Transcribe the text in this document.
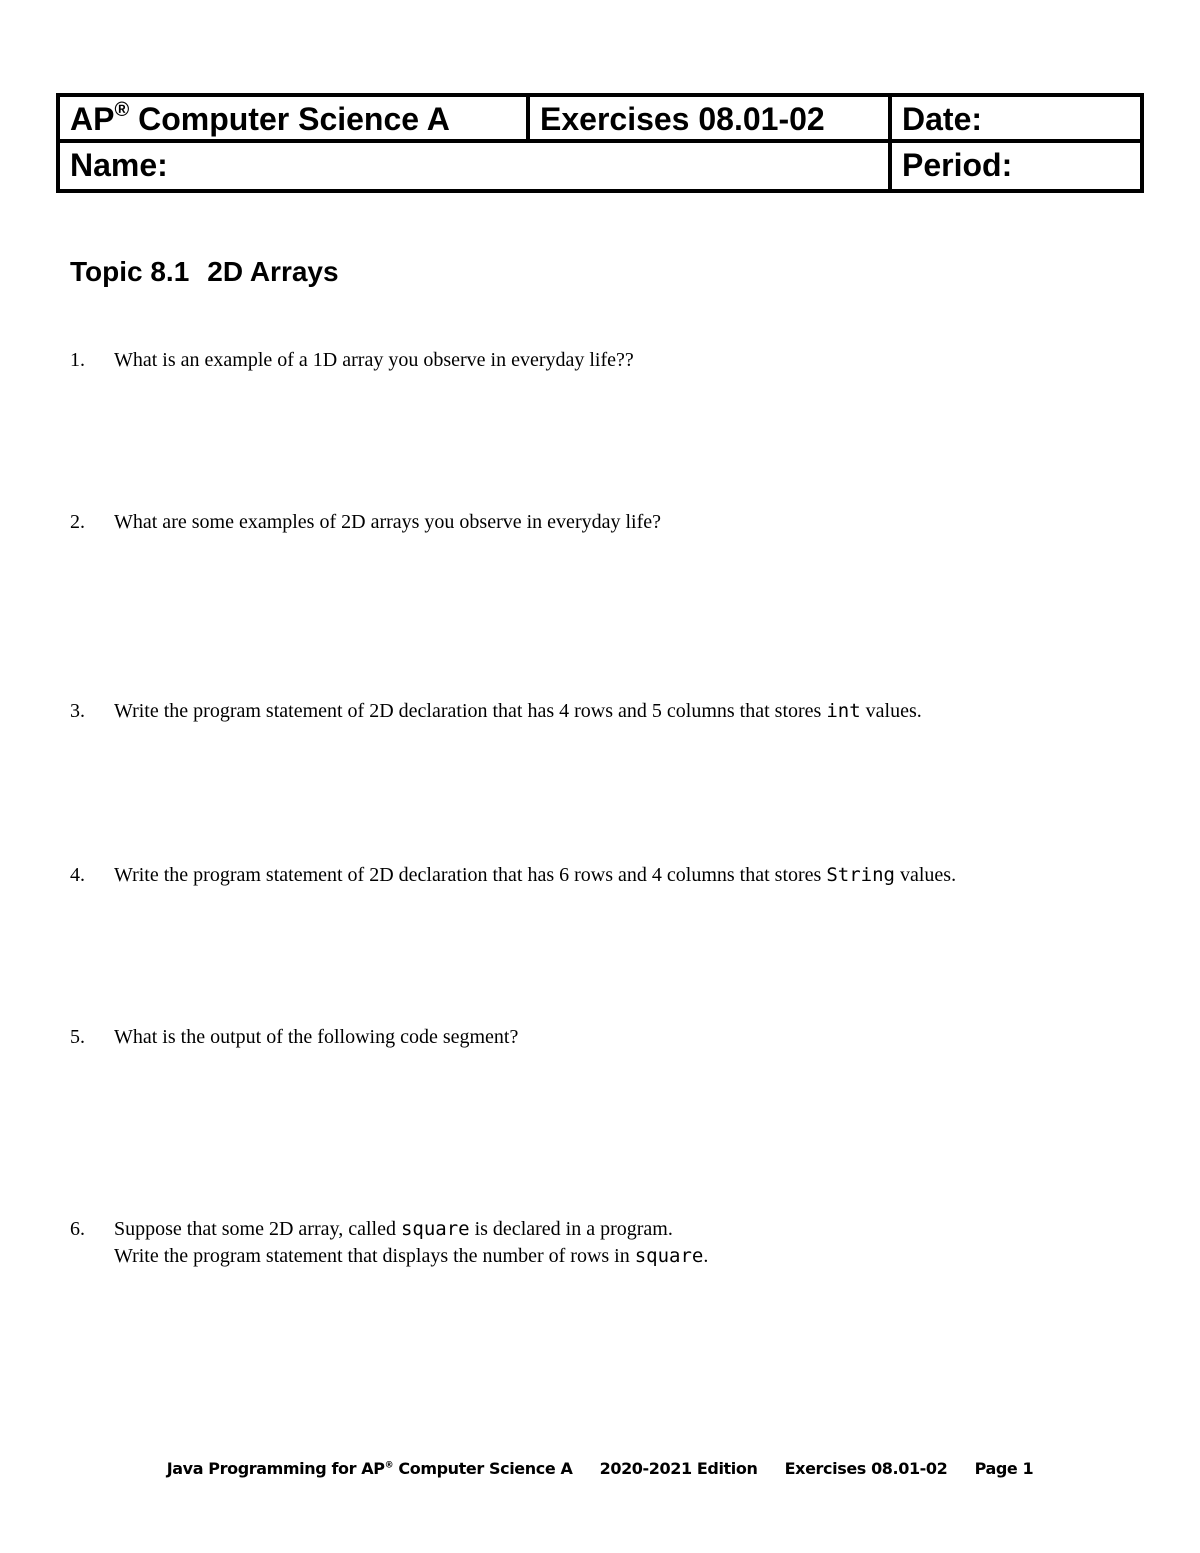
AP® Computer Science A	Exercises 08.01-02	Date:
Name:	Period:
Topic 8.1 2D Arrays
1. What is an example of a 1D array you observe in everyday life??
2. What are some examples of 2D arrays you observe in everyday life?
3. Write the program statement of 2D declaration that has 4 rows and 5 columns that stores int values.
4. Write the program statement of 2D declaration that has 6 rows and 4 columns that stores String values.
5. What is the output of the following code segment?
6. Suppose that some 2D array, called square is declared in a program.
Write the program statement that displays the number of rows in square.
Java Programming for AP® Computer Science A 2020-2021 Edition Exercises 08.01-02 Page 1
